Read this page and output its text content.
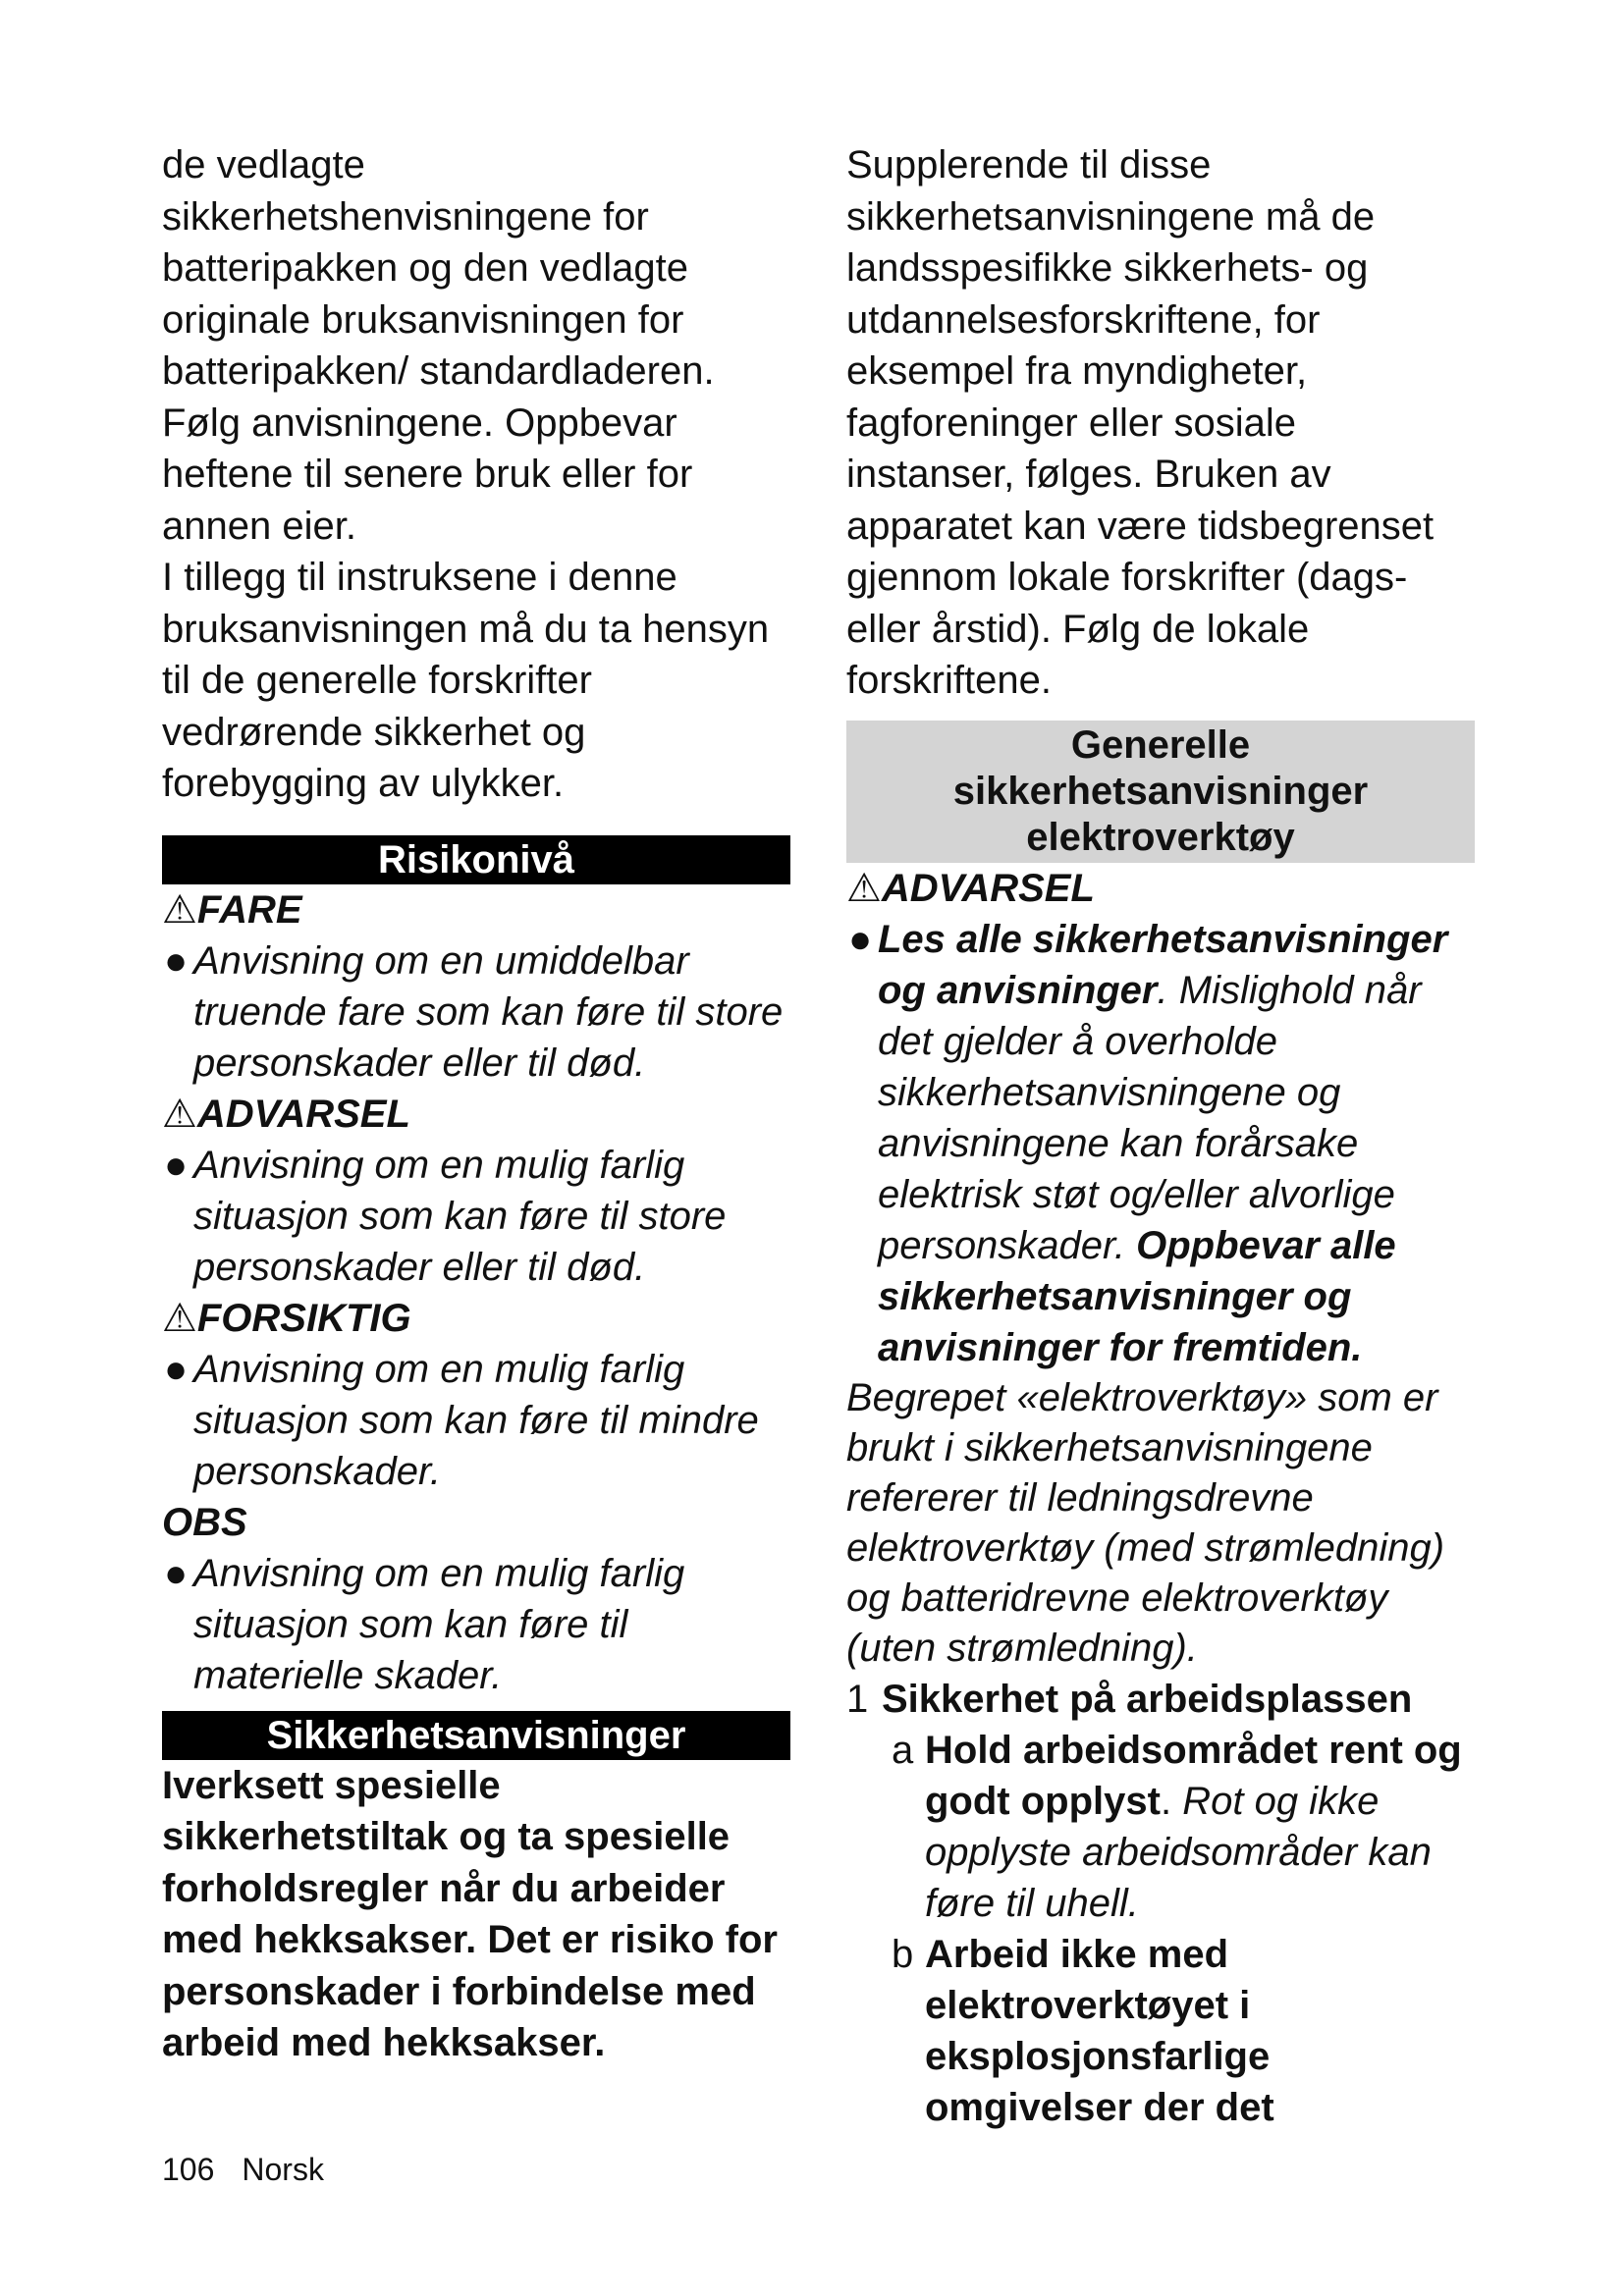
de vedlagte sikkerhetshenvisningene for batteripakken og den vedlagte originale bruksanvisningen for batteripakken/ standardladeren. Følg anvisningene. Oppbevar heftene til senere bruk eller for annen eier.

I tillegg til instruksene i denne bruksanvisningen må du ta hensyn til de generelle forskrifter vedrørende sikkerhet og forebygging av ulykker.

Risikonivå
⚠FARE
● Anvisning om en umiddelbar truende fare som kan føre til store personskader eller til død.
⚠ADVARSEL
● Anvisning om en mulig farlig situasjon som kan føre til store personskader eller til død.
⚠FORSIKTIG
● Anvisning om en mulig farlig situasjon som kan føre til mindre personskader.
OBS
● Anvisning om en mulig farlig situasjon som kan føre til materielle skader.
Sikkerhetsanvisninger

Iverksett spesielle sikkerhetstiltak og ta spesielle forholdsregler når du arbeider med hekksakser. Det er risiko for personskader i forbindelse med arbeid med hekksakser.

Supplerende til disse sikkerhetsanvisningene må de landsspesifikke sikkerhets- og utdannelsesforskriftene, for eksempel fra myndigheter, fagforeninger eller sosiale instanser, følges. Bruken av apparatet kan være tidsbegrenset gjennom lokale forskrifter (dags- eller årstid). Følg de lokale forskriftene.

Generelle
sikkerhetsanvisninger
elektroverktøy
⚠ADVARSEL
● Les alle sikkerhetsanvisninger og anvisninger. Mislighold når det gjelder å overholde sikkerhetsanvisningene og anvisningene kan forårsake elektrisk støt og/eller alvorlige personskader. Oppbevar alle sikkerhetsanvisninger og anvisninger for fremtiden.

Begrepet «elektroverktøy» som er brukt i sikkerhetsanvisningene refererer til ledningsdrevne elektroverktøy (med strømledning) og batteridrevne elektroverktøy (uten strømledning).

1 Sikkerhet på arbeidsplassen
a Hold arbeidsområdet rent og godt opplyst. Rot og ikke opplyste arbeidsområder kan føre til uhell.
b Arbeid ikke med elektroverktøyet i eksplosjonsfarlige omgivelser der det
106 Norsk
